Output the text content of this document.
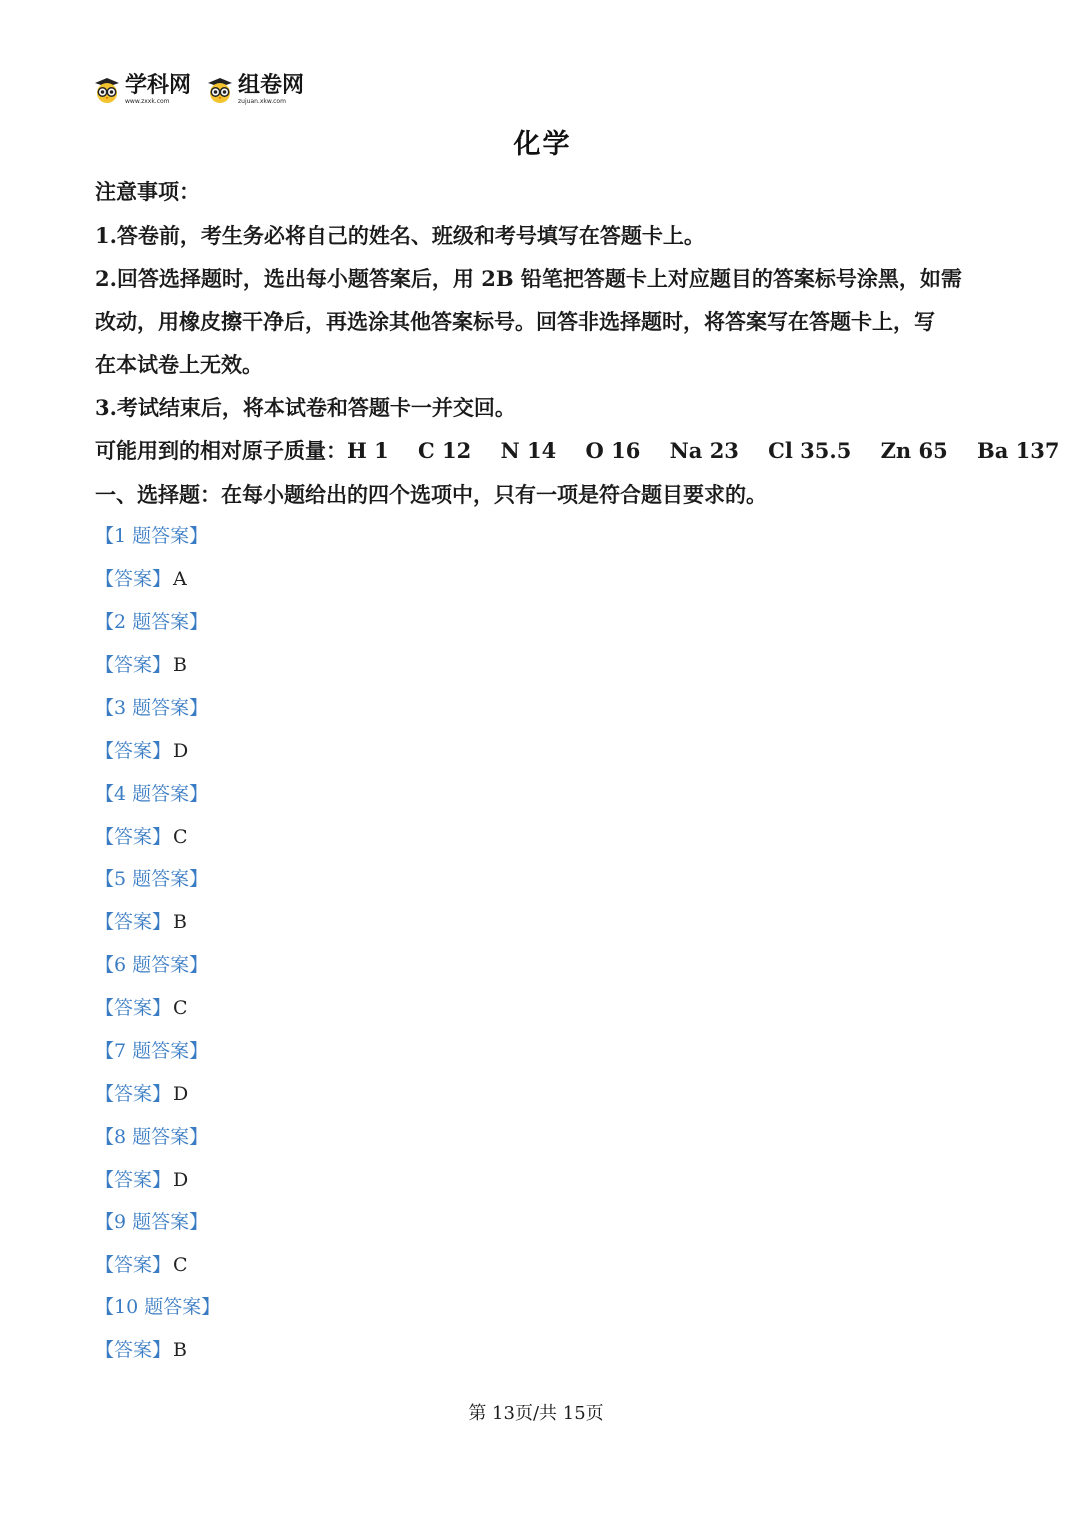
学科网
www.zxxk.com
组卷网
zujuan.xkw.com
化学
注意事项：
1.答卷前，考生务必将自己的姓名、班级和考号填写在答题卡上。
2.回答选择题时，选出每小题答案后，用 2B 铅笔把答题卡上对应题目的答案标号涂黑，如需
改动，用橡皮擦干净后，再选涂其他答案标号。回答非选择题时，将答案写在答题卡上，写
在本试卷上无效。
3.考试结束后，将本试卷和答题卡一并交回。
可能用到的相对原子质量：H 1 C 12 N 14 O 16 Na 23 Cl 35.5 Zn 65 Ba 137
一、选择题：在每小题给出的四个选项中，只有一项是符合题目要求的。
【1 题答案】
【答案】 A
【2 题答案】
【答案】 B
【3 题答案】
【答案】 D
【4 题答案】
【答案】 C
【5 题答案】
【答案】 B
【6 题答案】
【答案】 C
【7 题答案】
【答案】 D
【8 题答案】
【答案】 D
【9 题答案】
【答案】 C
【10 题答案】
【答案】 B
第 13页/共 15页
